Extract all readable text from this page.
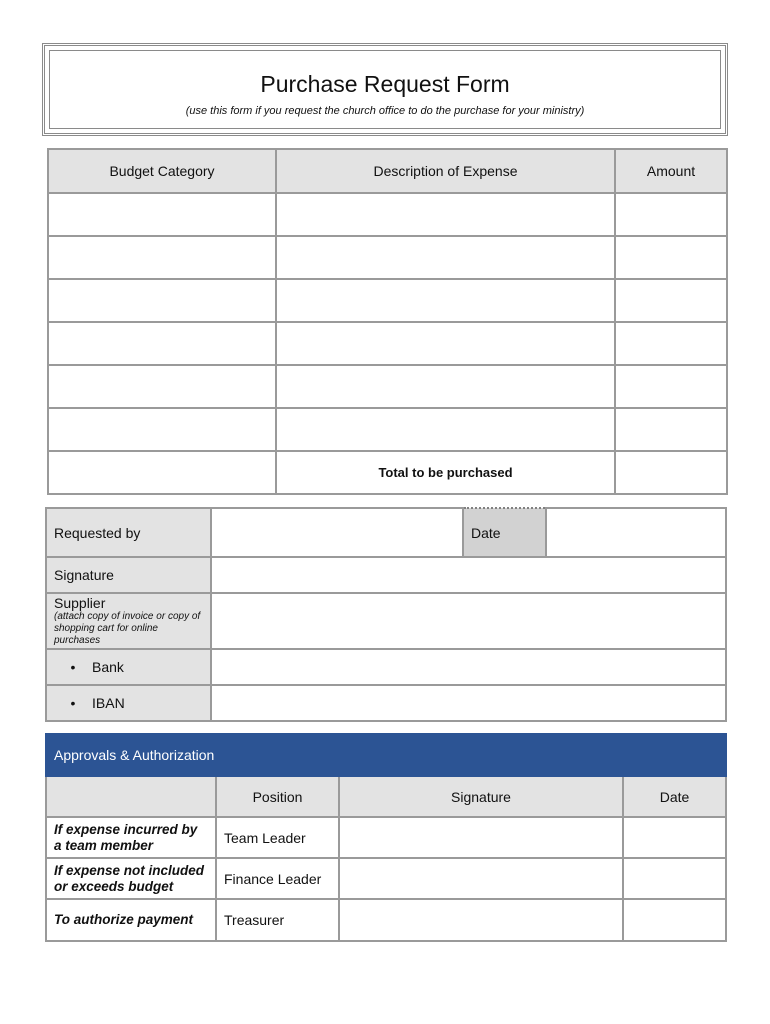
Purchase Request Form
(use this form if you request the church office to do the purchase for your ministry)
Budget Category	Description of Expense	Amount

	Total to be purchased	
Requested by		Date	
Signature			

Supplier
(attach copy of invoice or copy of shopping cart for online purchases			

• Bank			
• IBAN			
Approvals & Authorization			
	Position	Signature	Date
If expense incurred by a team member	Team Leader		
If expense not included or exceeds budget	Finance Leader		
To authorize payment	Treasurer		
